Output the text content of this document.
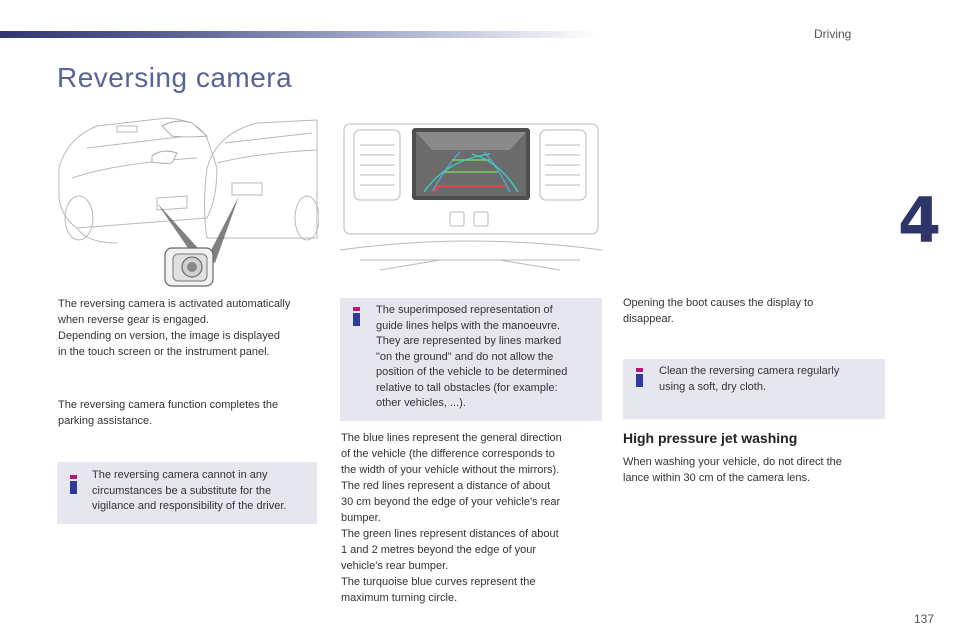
Driving
4
Reversing camera

The reversing camera is activated automatically

when reverse gear is engaged.

Depending on version, the image is displayed

in the touch screen or the instrument panel.

The reversing camera function completes the

parking assistance.

The reversing camera cannot in any
circumstances be a substitute for the
vigilance and responsibility of the driver.
The superimposed representation of
guide lines helps with the manoeuvre.
They are represented by lines marked
"on the ground" and do not allow the
position of the vehicle to be determined
relative to tall obstacles (for example:
other vehicles, ...).

The blue lines represent the general direction

of the vehicle (the difference corresponds to

the width of your vehicle without the mirrors).

The red lines represent a distance of about

30 cm beyond the edge of your vehicle's rear

bumper.

The green lines represent distances of about

1 and 2 metres beyond the edge of your

vehicle's rear bumper.

The turquoise blue curves represent the

maximum turning circle.

Opening the boot causes the display to

disappear.

Clean the reversing camera regularly
using a soft, dry cloth.
High pressure jet washing

When washing your vehicle, do not direct the

lance within 30 cm of the camera lens.

137
